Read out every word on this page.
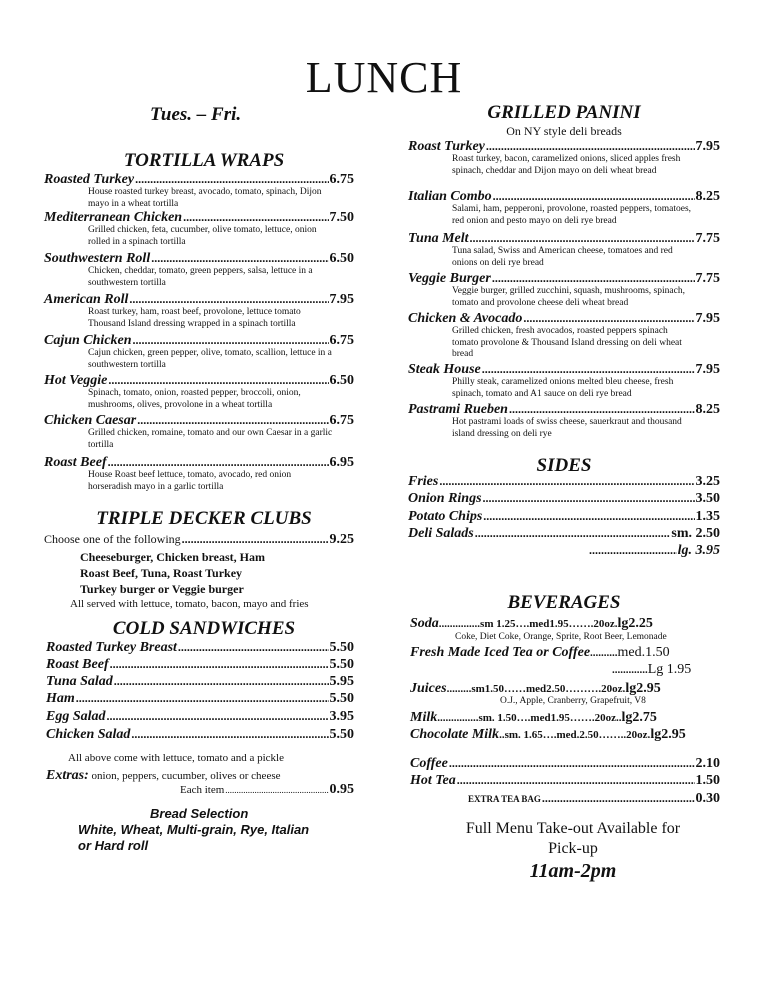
LUNCH
Tues. – Fri.
TORTILLA WRAPS
Roasted Turkey .....	6.75
House roasted turkey breast, avocado, tomato, spinach, Dijon mayo in a wheat tortilla
Mediterranean Chicken .....	7.50
Grilled chicken, feta, cucumber, olive tomato, lettuce, onion rolled in a spinach tortilla
Southwestern Roll .....	6.50
Chicken, cheddar, tomato, green peppers, salsa, lettuce in a southwestern tortilla
American Roll .....	7.95
Roast turkey, ham, roast beef, provolone, lettuce tomato Thousand Island dressing wrapped in a spinach tortilla
Cajun Chicken .....	6.75
Cajun chicken, green pepper, olive, tomato, scallion, lettuce in a southwestern tortilla
Hot Veggie .....	6.50
Spinach, tomato, onion, roasted pepper, broccoli, onion, mushrooms, olives, provolone in a wheat tortilla
Chicken Caesar .....	6.75
Grilled chicken, romaine, tomato and our own Caesar in a garlic tortilla
Roast Beef .....	6.95
House Roast beef lettuce, tomato, avocado, red onion horseradish mayo in a garlic tortilla
TRIPLE DECKER CLUBS
Choose one of the following .....	9.25
Cheeseburger, Chicken breast, Ham
Roast Beef, Tuna, Roast Turkey
Turkey burger or Veggie burger
All served with lettuce, tomato, bacon, mayo and fries
COLD SANDWICHES
Roasted Turkey Breast .....	5.50
Roast Beef .....	5.50
Tuna Salad .....	5.95
Ham .....	5.50
Egg Salad .....	3.95
Chicken Salad .....	5.50
All above come with lettuce, tomato and a pickle
Extras: onion, peppers, cucumber, olives or cheese
Each item .....	0.95
Bread Selection
White, Wheat, Multi-grain, Rye, Italian
or Hard roll
GRILLED PANINI
On NY style deli breads
Roast Turkey .....	7.95
Roast turkey, bacon, caramelized onions, sliced apples fresh spinach, cheddar and Dijon mayo on deli wheat bread
Italian Combo .....	8.25
Salami, ham, pepperoni, provolone, roasted peppers, tomatoes, red onion and pesto mayo on deli rye bread
Tuna Melt .....	7.75
Tuna salad, Swiss and American cheese, tomatoes and red onions on deli rye bread
Veggie Burger .....	7.75
Veggie burger, grilled zucchini, squash, mushrooms, spinach, tomato and provolone cheese deli wheat bread
Chicken & Avocado .....	7.95
Grilled chicken, fresh avocados, roasted peppers spinach tomato provolone & Thousand Island dressing on deli wheat bread
Steak House .....	7.95
Philly steak, caramelized onions melted bleu cheese, fresh spinach, tomato and A1 sauce on deli rye bread
Pastrami Rueben .....	8.25
Hot pastrami loads of swiss cheese, sauerkraut and thousand island dressing on deli rye
SIDES
Fries .....	3.25
Onion Rings .....	3.50
Potato Chips .....	1.35
Deli Salads .....	sm. 2.50
.....
lg. 3.95
BEVERAGES
Soda ............... sm 1.25….med1.95…….20oz. lg2.25
Coke, Diet Coke, Orange, Sprite, Root Beer, Lemonade
Fresh Made Iced Tea or Coffee .......... med.1.50
............. Lg 1.95
Juices ......... sm1.50……med2.50……….20oz. lg2.95
O.J., Apple, Cranberry, Grapefruit, V8
Milk ............... sm. 1.50….med1.95…….20oz.. lg2.75
Chocolate Milk ..sm. 1.65….med.2.50……..20oz. lg2.95
Coffee .....	2.10
Hot Tea .....	1.50
EXTRA TEA BAG .....	0.30
Full Menu Take-out Available for
Pick-up
11am-2pm
